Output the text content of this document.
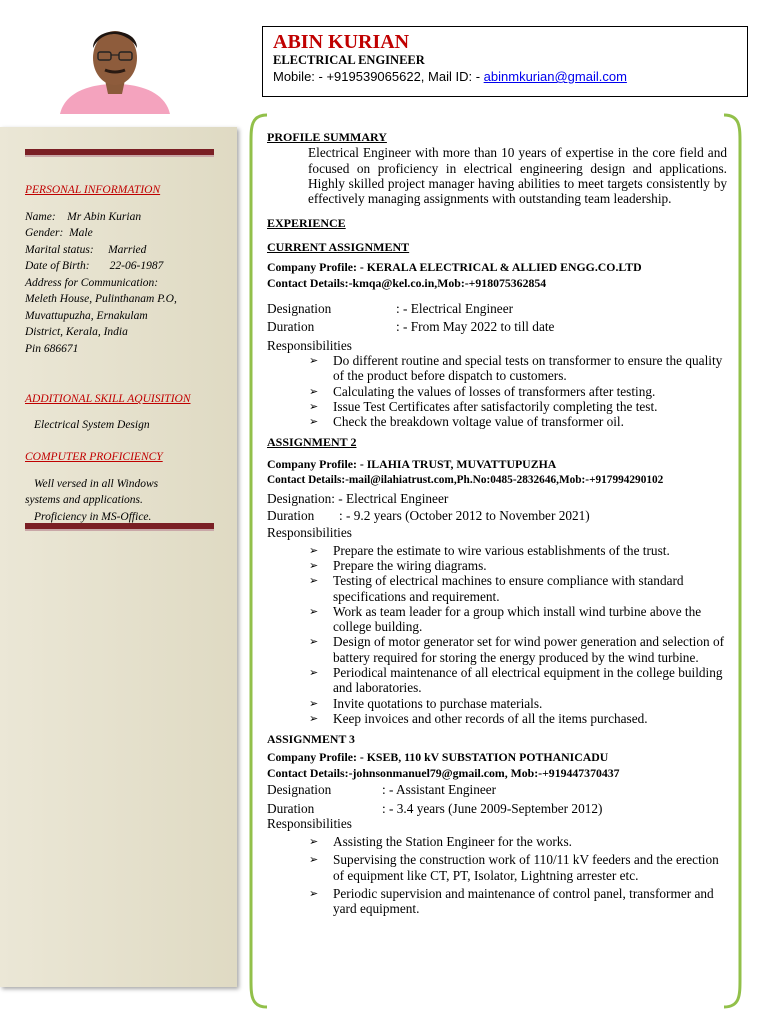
ABIN KURIAN
ELECTRICAL ENGINEER
Mobile: - +919539065622, Mail ID: - abinmkurian@gmail.com
PERSONAL INFORMATION
Name: Mr Abin Kurian
Gender: Male
Marital status: Married
Date of Birth: 22-06-1987
Address for Communication:
Meleth House, Pulinthanam P.O,
Muvattupuzha, Ernakulam
District, Kerala, India
Pin 686671
ADDITIONAL SKILL AQUISITION
Electrical System Design
COMPUTER PROFICIENCY
Well versed in all Windows
systems and applications.
Proficiency in MS-Office.
PROFILE SUMMARY
Electrical Engineer with more than 10 years of expertise in the core field and focused on proficiency in electrical engineering design and applications. Highly skilled project manager having abilities to meet targets consistently by effectively managing assignments with outstanding team leadership.
EXPERIENCE
CURRENT ASSIGNMENT
Company Profile: - KERALA ELECTRICAL & ALLIED ENGG.CO.LTD
Contact Details:-kmqa@kel.co.in,Mob:-+918075362854
Designation	: - Electrical Engineer
Duration	: - From May 2022 to till date
Responsibilities
➢ Do different routine and special tests on transformer to ensure the quality of the product before dispatch to customers.
➢ Calculating the values of losses of transformers after testing.
➢ Issue Test Certificates after satisfactorily completing the test.
➢ Check the breakdown voltage value of transformer oil.
ASSIGNMENT 2
Company Profile: - ILAHIA TRUST, MUVATTUPUZHA
Contact Details:-mail@ilahiatrust.com,Ph.No:0485-2832646,Mob:-+917994290102
Designation: - Electrical Engineer
Duration	: - 9.2 years (October 2012 to November 2021)
Responsibilities
➢ Prepare the estimate to wire various establishments of the trust.
➢ Prepare the wiring diagrams.
➢ Testing of electrical machines to ensure compliance with standard specifications and requirement.
➢ Work as team leader for a group which install wind turbine above the college building.
➢ Design of motor generator set for wind power generation and selection of battery required for storing the energy produced by the wind turbine.
➢ Periodical maintenance of all electrical equipment in the college building and laboratories.
➢ Invite quotations to purchase materials.
➢ Keep invoices and other records of all the items purchased.
ASSIGNMENT 3
Company Profile: - KSEB, 110 kV SUBSTATION POTHANICADU
Contact Details:-johnsonmanuel79@gmail.com, Mob:-+919447370437
Designation	: - Assistant Engineer
Duration	: - 3.4 years (June 2009-September 2012)
Responsibilities
➢ Assisting the Station Engineer for the works.
➢ Supervising the construction work of 110/11 kV feeders and the erection of equipment like CT, PT, Isolator, Lightning arrester etc.
➢ Periodic supervision and maintenance of control panel, transformer and yard equipment.
